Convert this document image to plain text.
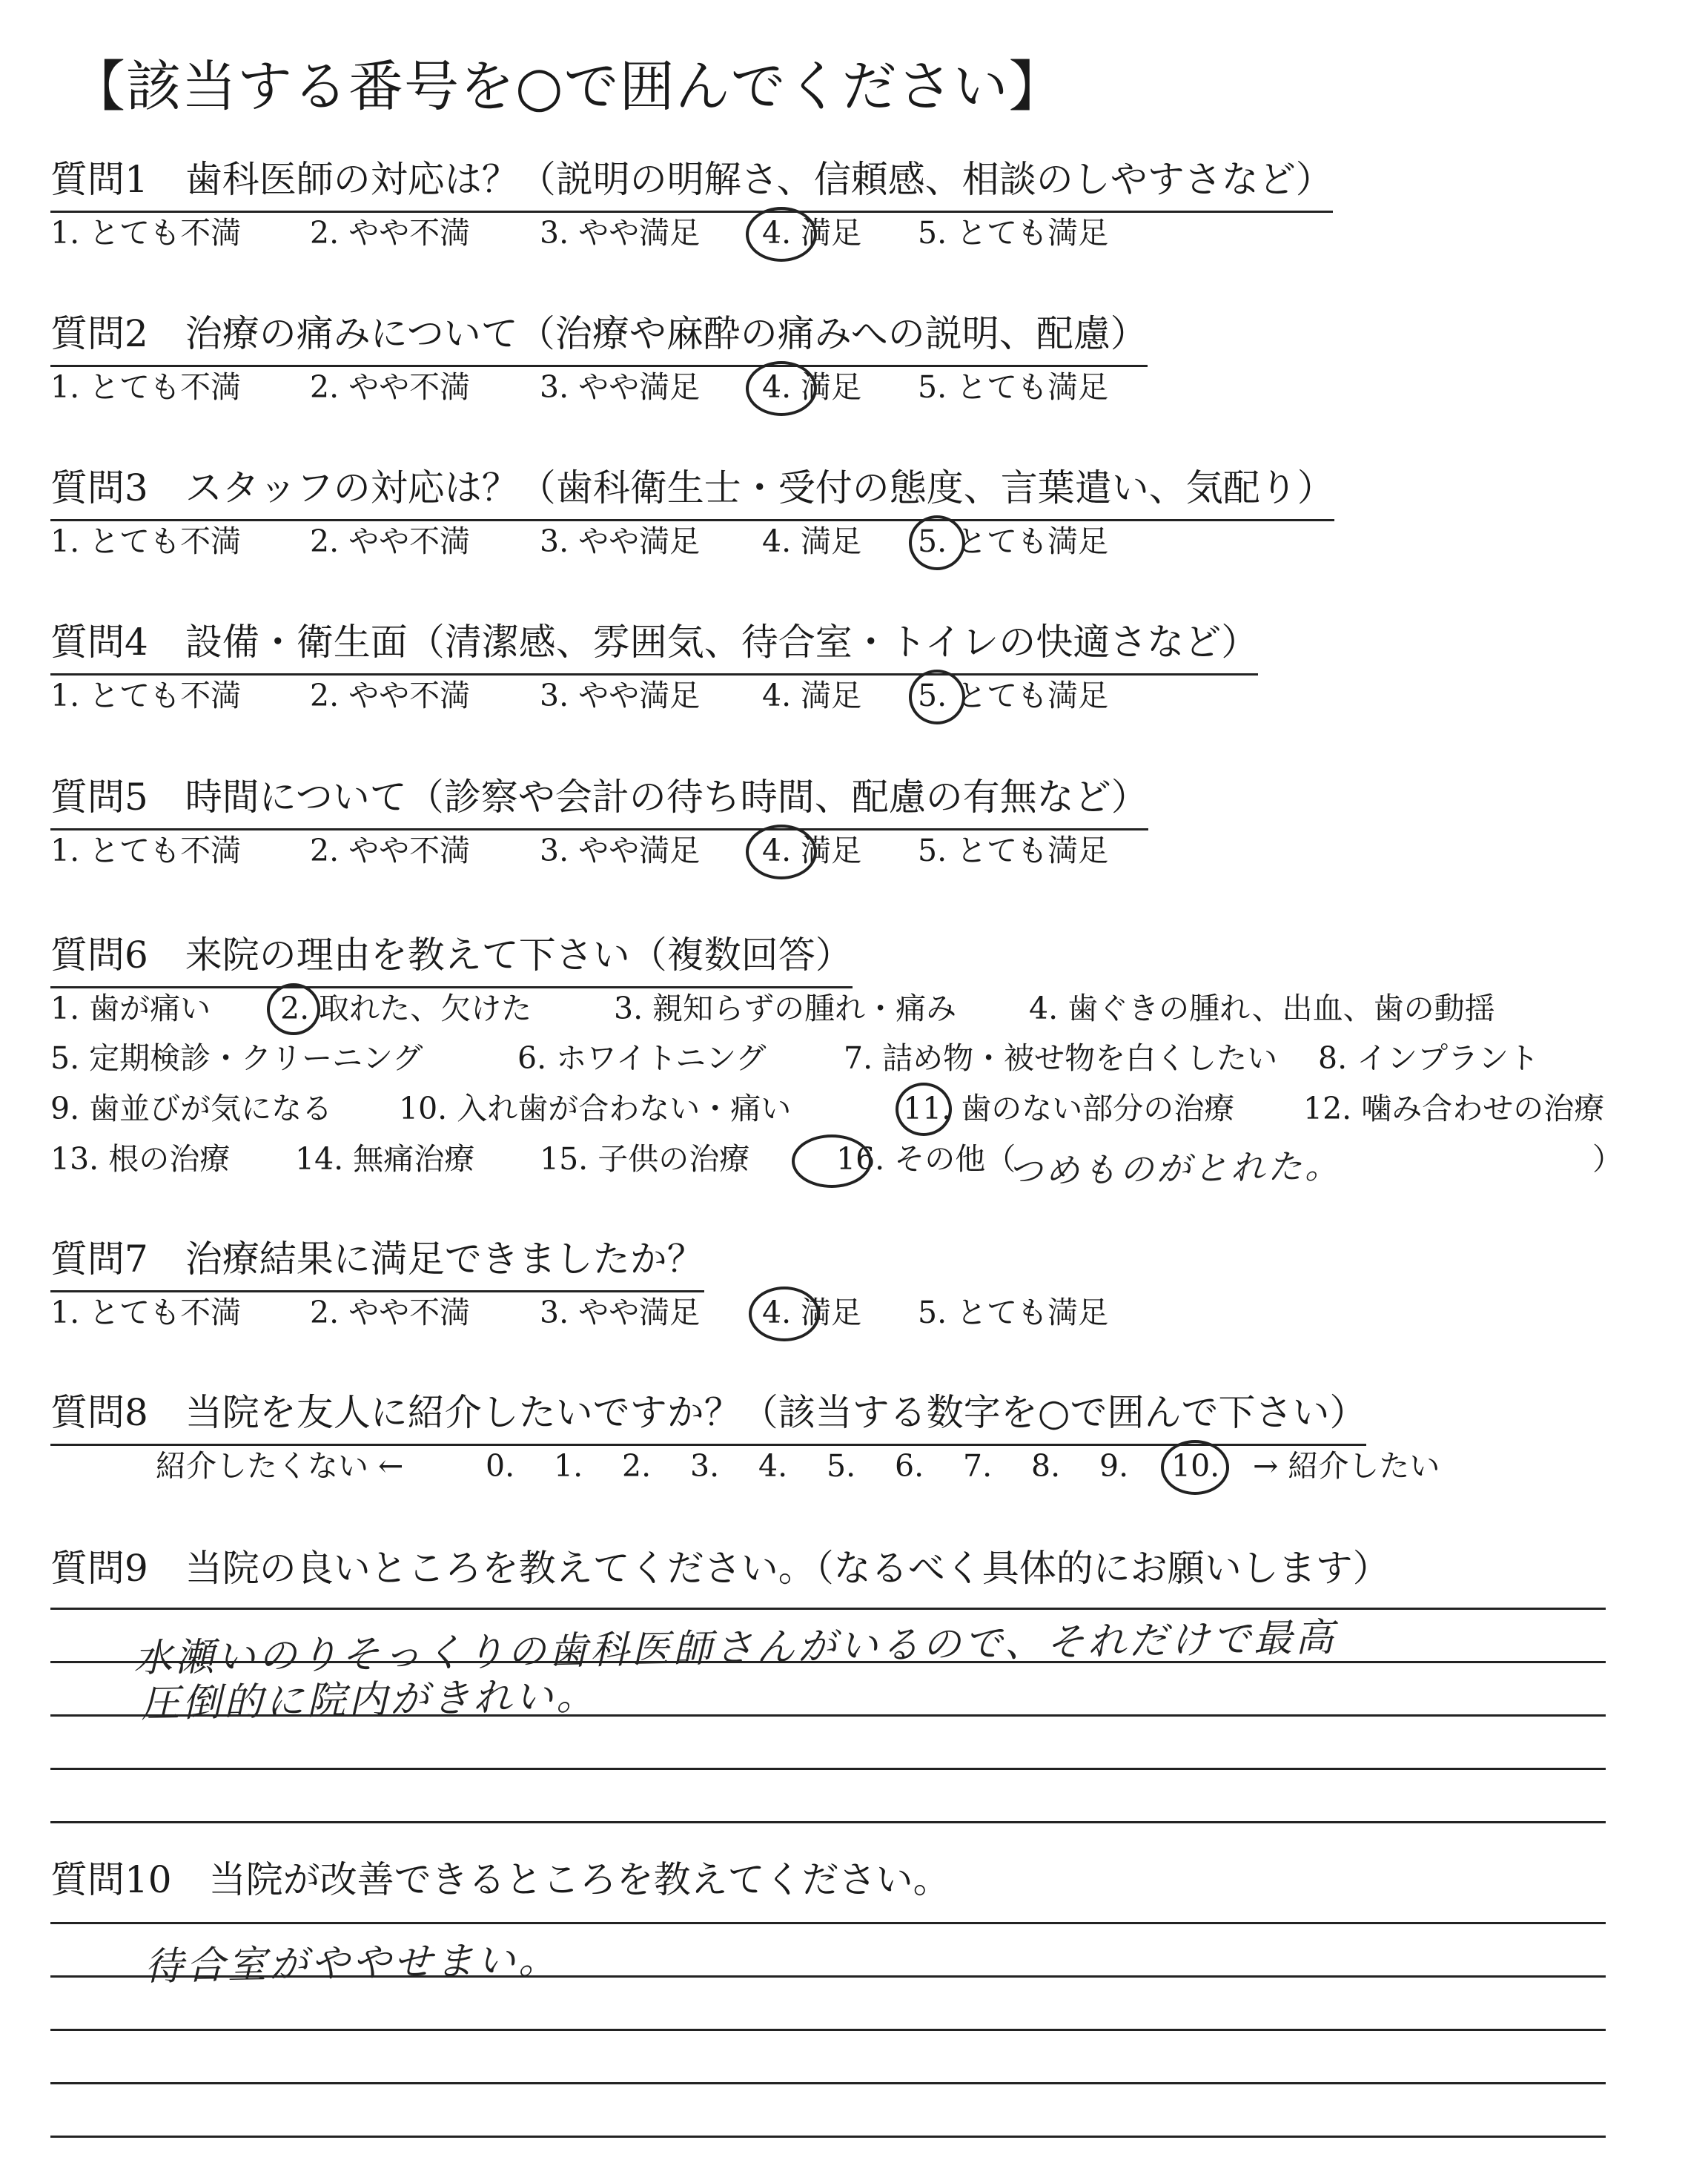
【該当する番号を○で囲んでください】
質問1　歯科医師の対応は？（説明の明解さ、信頼感、相談のしやすさなど）
1. とても不満 2. やや不満 3. やや満足 4. 満足 5. とても満足
質問2　治療の痛みについて（治療や麻酔の痛みへの説明、配慮）
1. とても不満 2. やや不満 3. やや満足 4. 満足 5. とても満足
質問3　スタッフの対応は？（歯科衛生士・受付の態度、言葉遣い、気配り）
1. とても不満 2. やや不満 3. やや満足 4. 満足 5. とても満足
質問4　設備・衛生面（清潔感、雰囲気、待合室・トイレの快適さなど）
1. とても不満 2. やや不満 3. やや満足 4. 満足 5. とても満足
質問5　時間について（診察や会計の待ち時間、配慮の有無など）
1. とても不満 2. やや不満 3. やや満足 4. 満足 5. とても満足
質問6　来院の理由を教えて下さい（複数回答）
1. 歯が痛い 2. 取れた、欠けた	3. 親知らずの腫れ・痛み 4. 歯ぐきの腫れ、出血、歯の動揺
5. 定期検診・クリーニング	6. ホワイトニング	7. 詰め物・被せ物を白くしたい 8. インプラント
9. 歯並びが気になる 10. 入れ歯が合わない・痛い	11. 歯のない部分の治療 12. 噛み合わせの治療
13. 根の治療 14. 無痛治療 15. 子供の治療	16. その他（	）
つめものがとれた。
質問7　治療結果に満足できましたか？
1. とても不満 2. やや不満 3. やや満足 4. 満足 5. とても満足
質問8　当院を友人に紹介したいですか？（該当する数字を○で囲んで下さい）
紹介したくない ←	0. 1. 2. 3. 4. 5. 6. 7. 8. 9. 10. → 紹介したい
質問9　当院の良いところを教えてください。（なるべく具体的にお願いします）
水瀬いのりそっくりの歯科医師さんがいるので、それだけで最高
圧倒的に院内がきれい。
質問10　当院が改善できるところを教えてください。
待合室がややせまい。
